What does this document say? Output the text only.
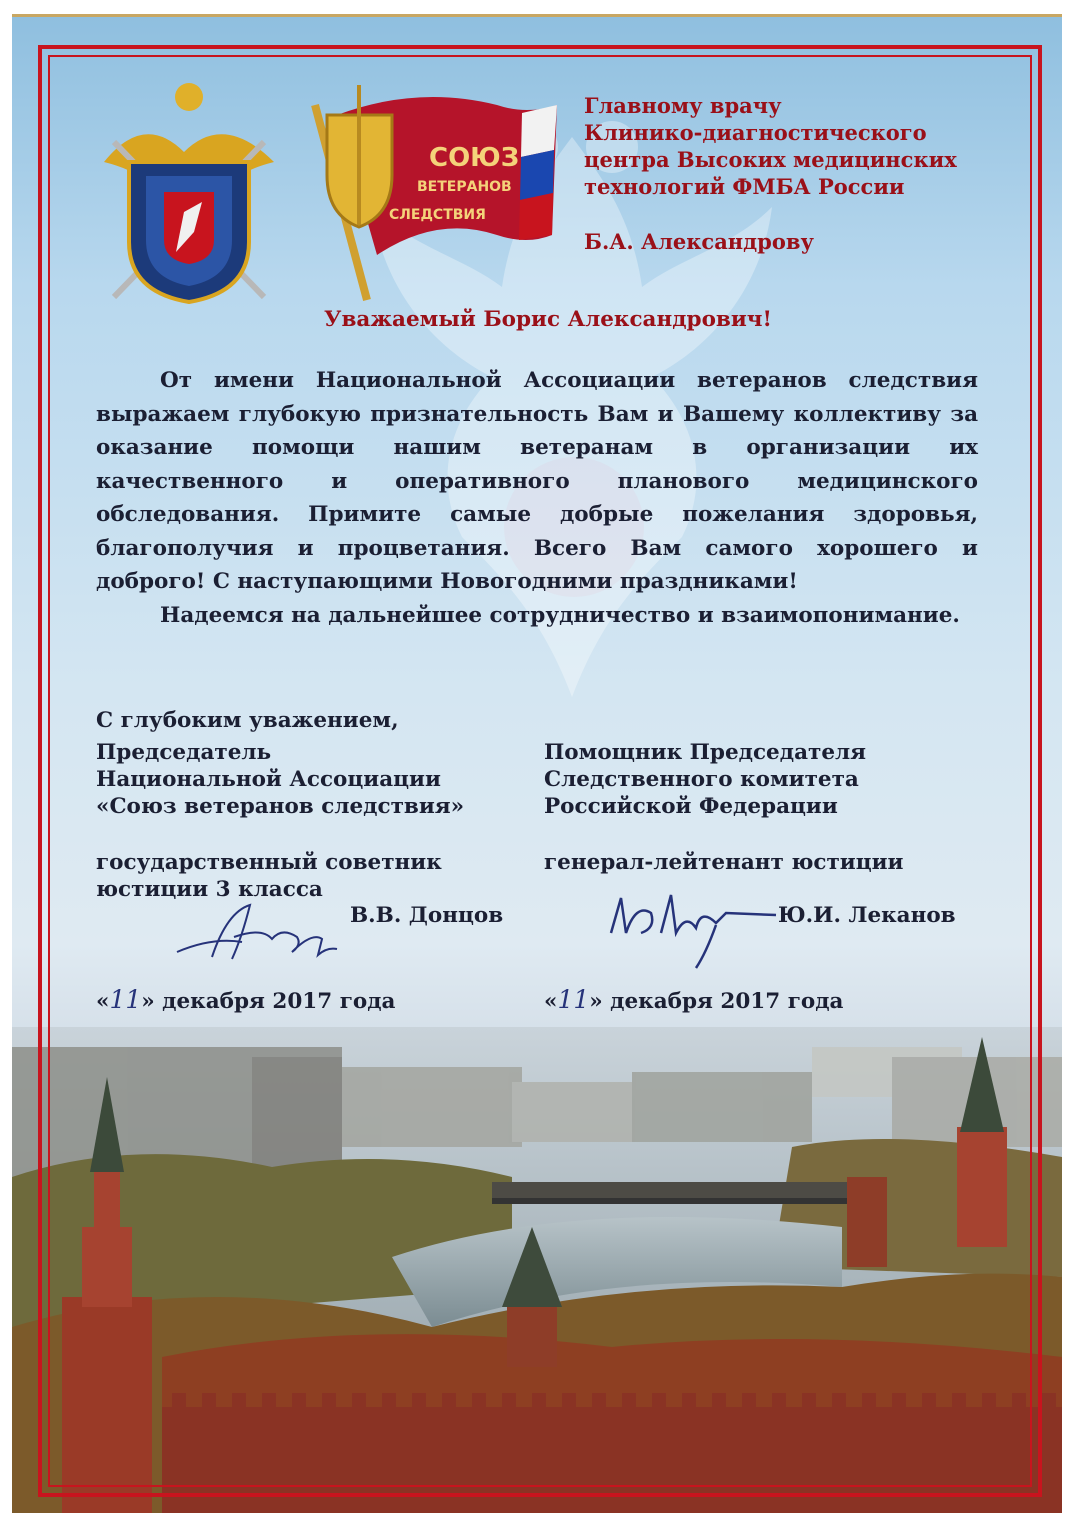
СОЮЗ
ВЕТЕРАНОВ
СЛЕДСТВИЯ
Главному врачу
Клинико-диагностического
центра Высоких медицинских
технологий ФМБА России
Б.А. Александрову
Уважаемый Борис Александрович!

От имени Национальной Ассоциации ветеранов следствия выражаем глубокую признательность Вам и Вашему коллективу за оказание помощи нашим ветеранам в организации их качественного и оперативного планового медицинского обследования. Примите самые добрые пожелания здоровья, благополучия и процветания. Всего Вам самого хорошего и доброго! С наступающими Новогодними праздниками!

Надеемся на дальнейшее сотрудничество и взаимопонимание.

С глубоким уважением,
Председатель
Национальной Ассоциации
«Союз ветеранов следствия»
Помощник Председателя
Следственного комитета
Российской Федерации
государственный советник
юстиции 3 класса
генерал-лейтенант юстиции
В.В. Донцов	Ю.И. Леканов
«11» декабря 2017 года	«11» декабря 2017 года
